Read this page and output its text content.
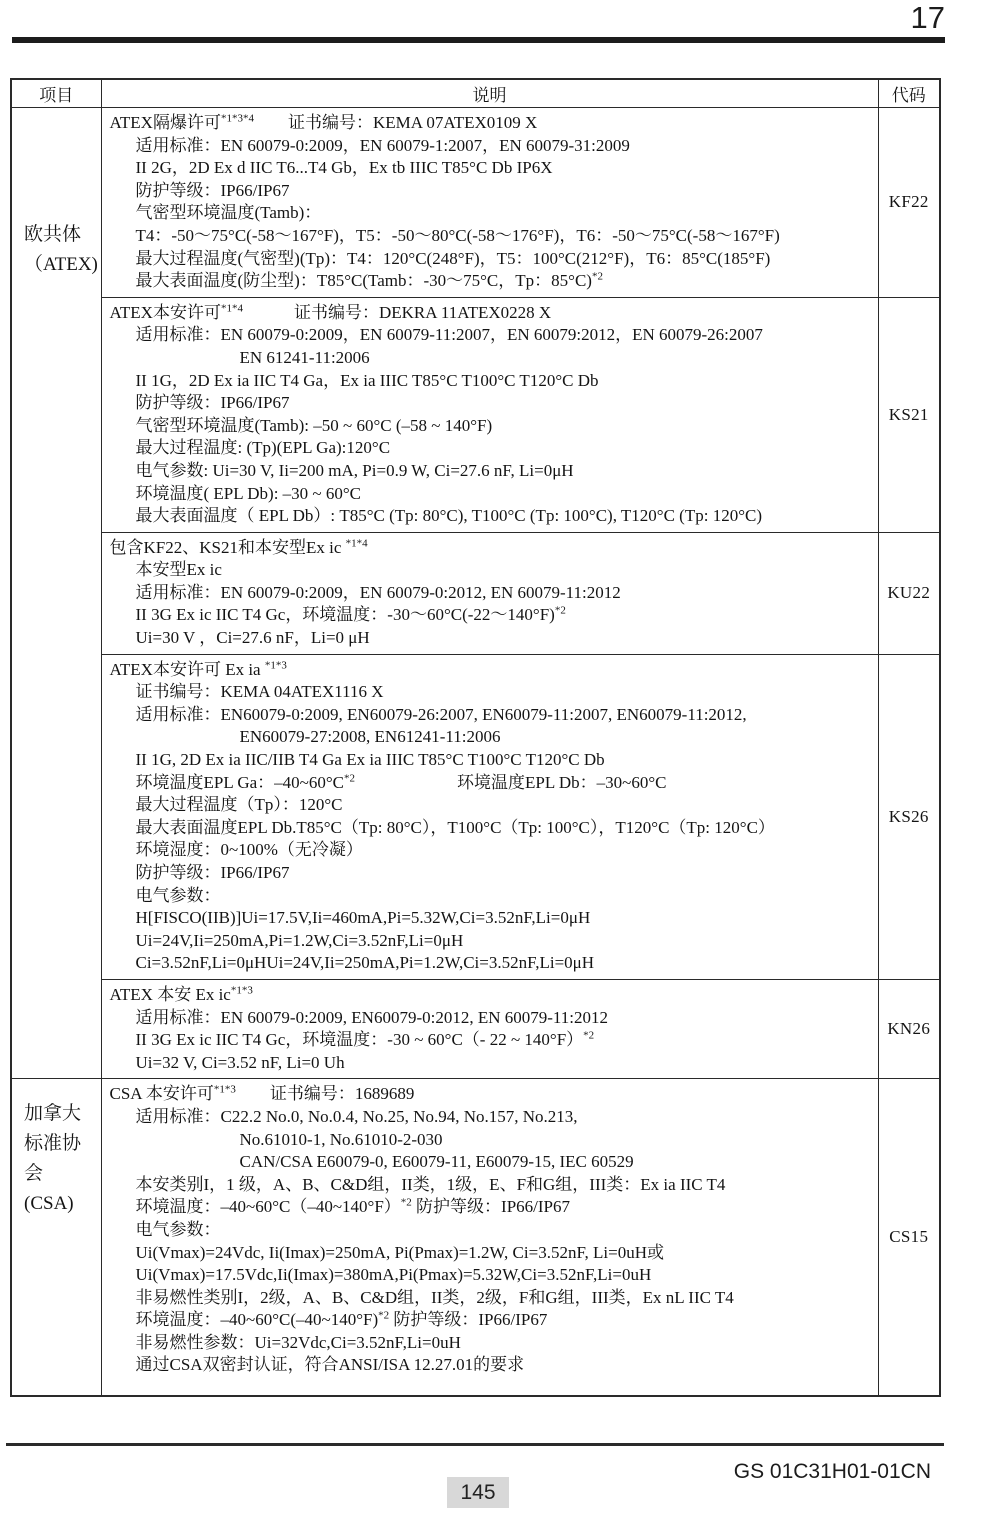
17
项目	说明	代码

欧共体
（ATEX)

ATEX隔爆许可$^{*1*3*4}$　　证书编号：KEMA 07ATEX0109 X
适用标准：EN 60079-0:2009，EN 60079-1:2007，EN 60079-31:2009
II 2G，2D Ex d IIC T6...T4 Gb，Ex tb IIIC T85°C Db IP6X
防护等级：IP66/IP67
气密型环境温度(Tamb)：
T4：-50～75°C(-58～167°F)，T5：-50～80°C(-58～176°F)，T6：-50～75°C(-58～167°F)
最大过程温度(气密型)(Tp)：T4：120°C(248°F)，T5：100°C(212°F)，T6：85°C(185°F)
最大表面温度(防尘型)：T85°C(Tamb：-30～75°C，Tp：85°C)$^{*2}$
	KF22

ATEX本安许可$^{*1*4}$　　　证书编号：DEKRA 11ATEX0228 X
适用标准：EN 60079-0:2009，EN 60079-11:2007，EN 60079:2012，EN 60079-26:2007
EN 61241-11:2006
II 1G，2D Ex ia IIC T4 Ga，Ex ia IIIC T85°C T100°C T120°C Db
防护等级：IP66/IP67
气密型环境温度(Tamb): –50 ~ 60°C (–58 ~ 140°F)
最大过程温度: (Tp)(EPL Ga):120°C
电气参数: Ui=30 V, Ii=200 mA, Pi=0.9 W, Ci=27.6 nF, Li=0μH
环境温度( EPL Db): –30 ~ 60°C
最大表面温度（ EPL Db）: T85°C (Tp: 80°C), T100°C (Tp: 100°C), T120°C (Tp: 120°C)
	KS21

	包含KF22、KS21和本安型Ex ic $^{*1*4}$
本安型Ex ic
适用标准：EN 60079-0:2009，EN 60079-0:2012, EN 60079-11:2012
II 3G Ex ic IIC T4 Gc，环境温度：-30～60°C(-22～140°F)$^{*2}$
Ui=30 V ，Ci=27.6 nF，Li=0 μH	KU22

ATEX本安许可 Ex ia $^{*1*3}$
证书编号：KEMA 04ATEX1116 X
适用标准：EN60079-0:2009, EN60079-26:2007, EN60079-11:2007, EN60079-11:2012,
EN60079-27:2008, EN61241-11:2006
II 1G, 2D Ex ia IIC/IIB T4 Ga Ex ia IIIC T85°C T100°C T120°C Db
环境温度EPL Ga：$-40\sim 60^\circ C^{*2}$　　　　　　环境温度EPL Db：–30~60°C
最大过程温度（Tp）：120°C
最大表面温度EPL Db.T85°C（Tp: 80°C），T100°C（Tp: 100°C），T120°C（Tp: 120°C）
环境湿度：0~100%（无冷凝）
防护等级：IP66/IP67
电气参数：
H[FISCO(IIB)]Ui=17.5V,Ii=460mA,Pi=5.32W,Ci=3.52nF,Li=0μH
Ui=24V,Ii=250mA,Pi=1.2W,Ci=3.52nF,Li=0μH
Ci=3.52nF,Li=0μHUi=24V,Ii=250mA,Pi=1.2W,Ci=3.52nF,Li=0μH
	KS26

	ATEX 本安 Ex $ic^{*1*3}$
适用标准：EN 60079-0:2009, EN60079-0:2012, EN 60079-11:2012
II 3G Ex ic IIC T4 Gc，环境温度：-30 ~ 60°C（- 22 ~ 140°F）$^{*2}$
Ui=32 V, Ci=3.52 nF, Li=0 Uh	KN26

加拿大
标准协会
(CSA)

CSA 本安许可$^{*1*3}$　　证书编号：1689689
适用标准：C22.2 No.0, No.0.4, No.25, No.94, No.157, No.213,
No.61010-1, No.61010-2-030
CAN/CSA E60079-0, E60079-11, E60079-15, IEC 60529
本安类别I，1 级，A、B、C&D组，II类，1级，E、F和G组，III类：Ex ia IIC T4
环境温度：–40~60°C（–40~140°F）$^{*2}$ 防护等级：IP66/IP67
电气参数：
Ui(Vmax)=24Vdc, Ii(Imax)=250mA, Pi(Pmax)=1.2W, Ci=3.52nF, Li=0uH或
Ui(Vmax)=17.5Vdc,Ii(Imax)=380mA,Pi(Pmax)=5.32W,Ci=3.52nF,Li=0uH
非易燃性类别I，2级，A、B、C&D组，II类，2级，F和G组，III类，Ex nL IIC T4
环境温度：–40~60°C(–40~140°F)$^{*2}$ 防护等级：IP66/IP67
非易燃性参数：Ui=32Vdc,Ci=3.52nF,Li=0uH
通过CSA双密封认证，符合ANSI/ISA 12.27.01的要求
	CS15
GS 01C31H01-01CN
145
